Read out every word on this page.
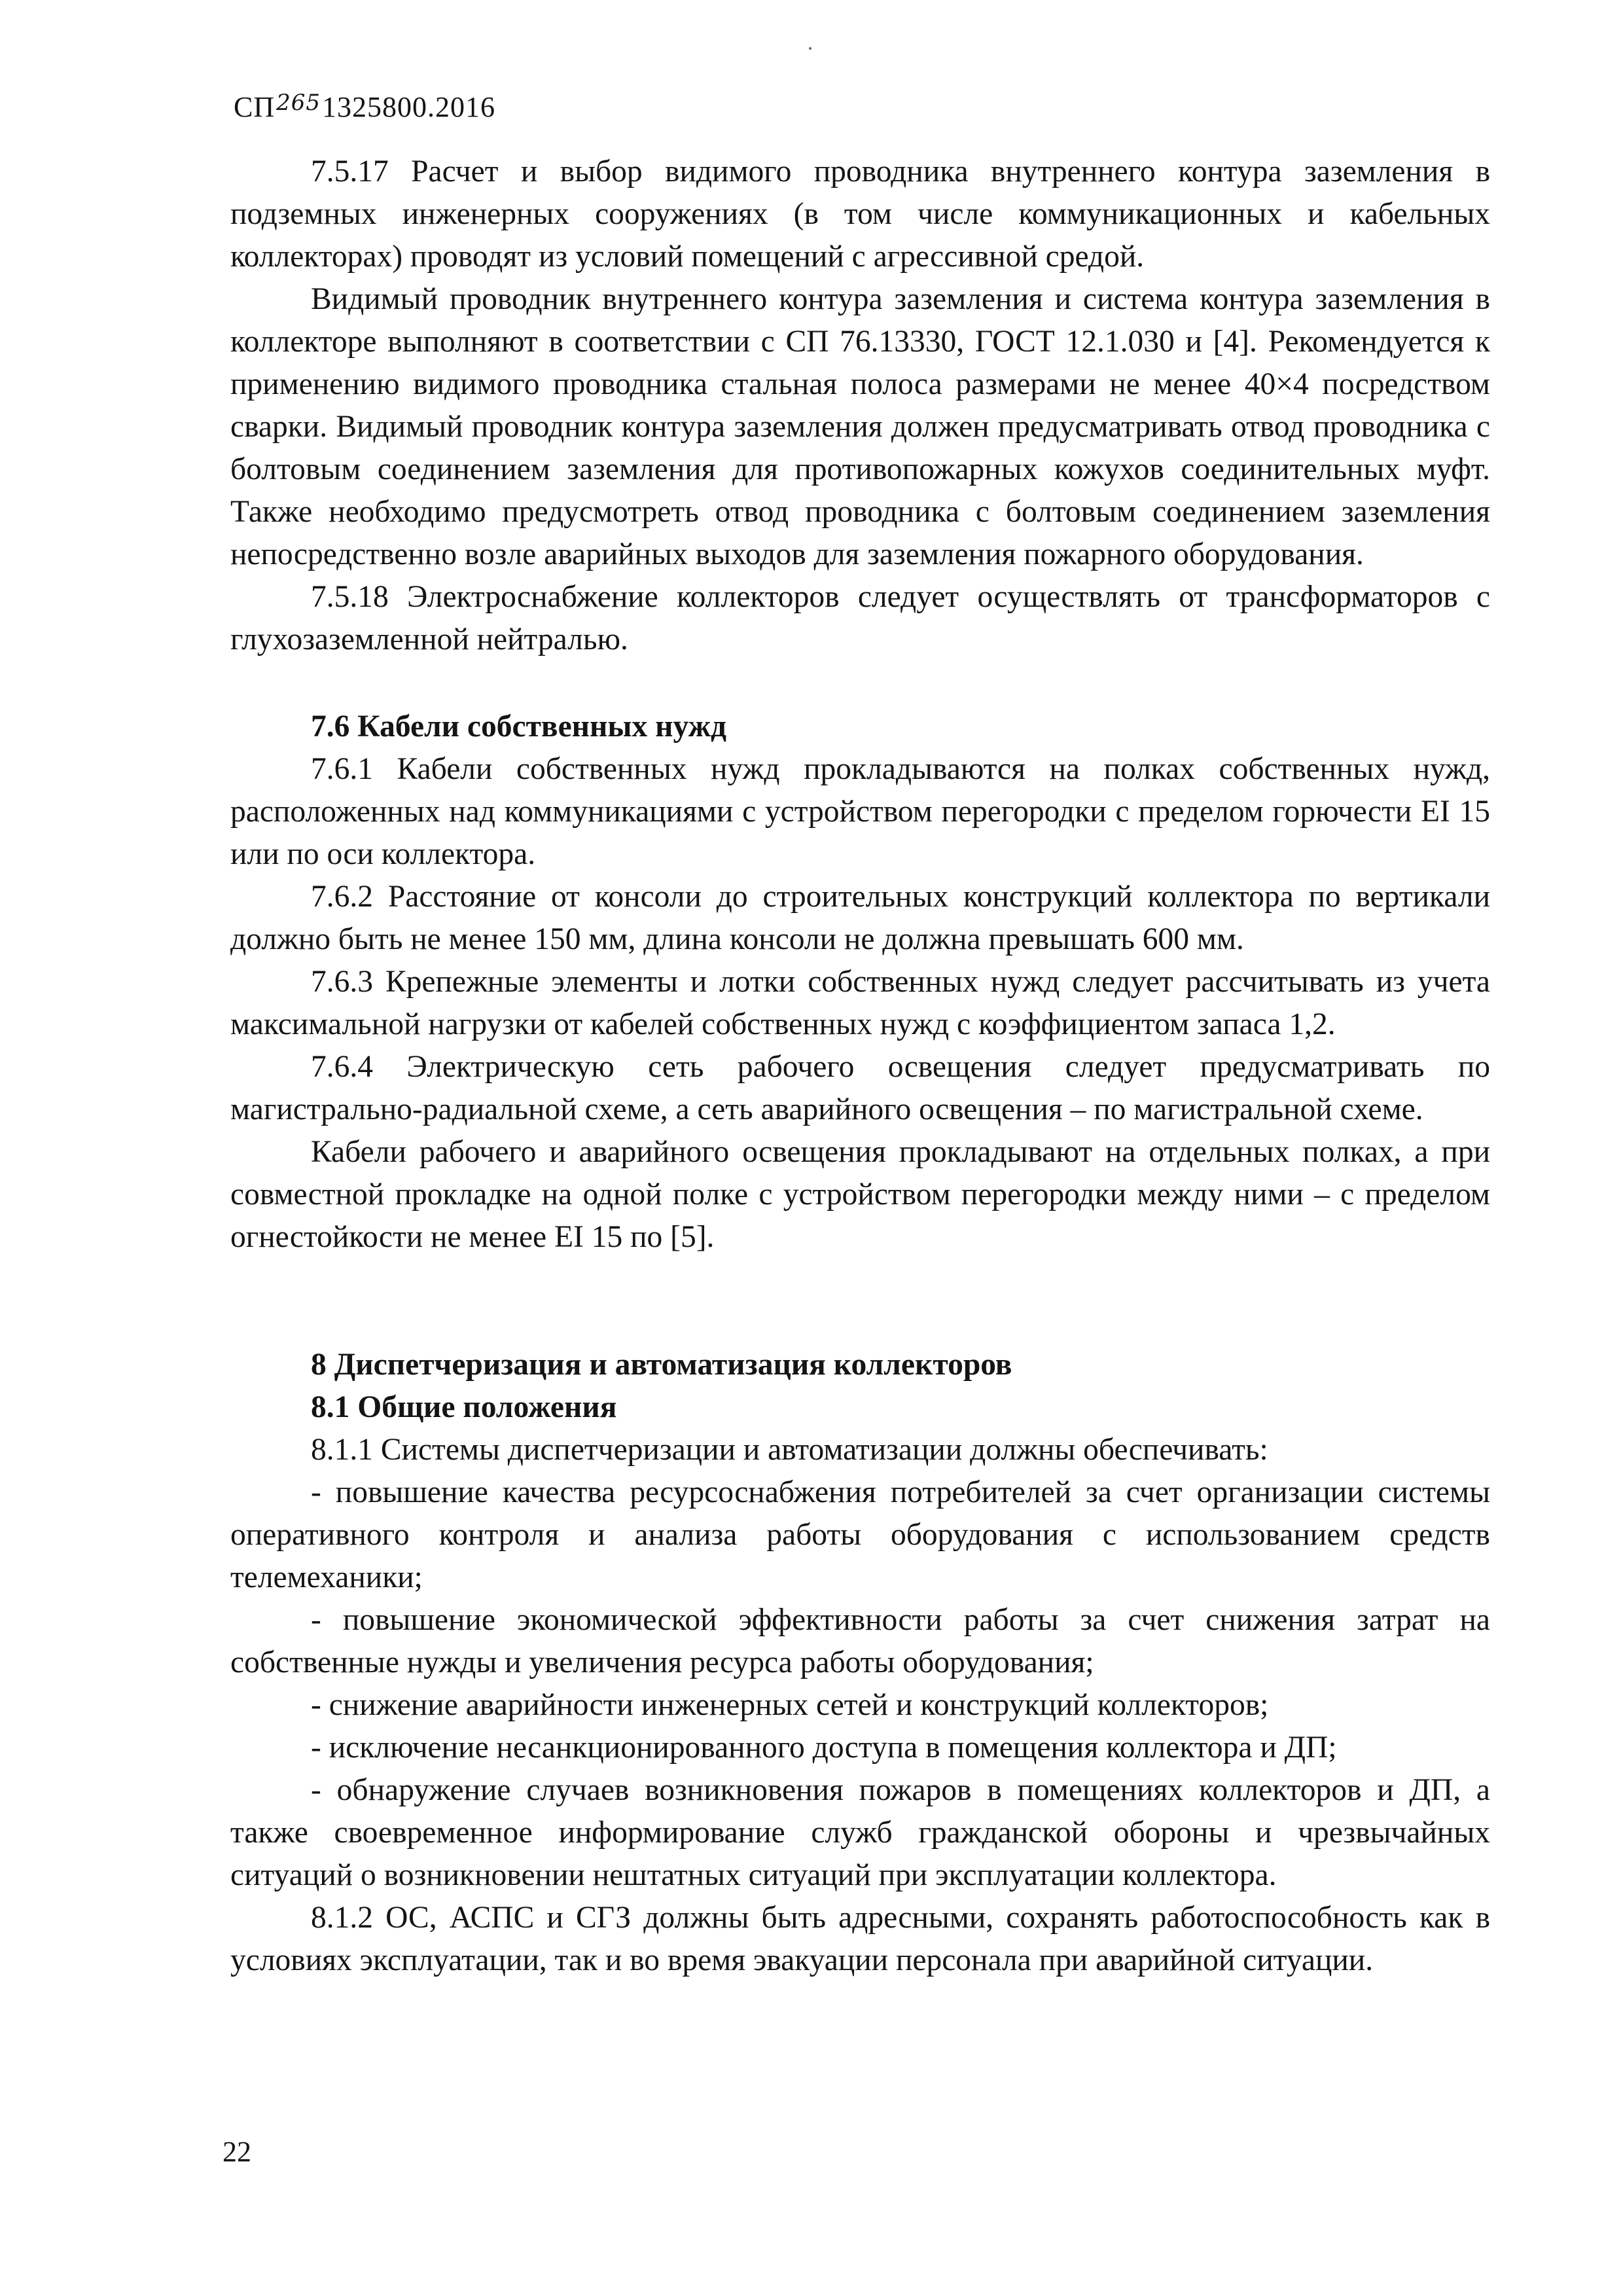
СП$^{265}$1325800.2016

7.5.17 Расчет и выбор видимого проводника внутреннего контура заземления в подземных инженерных сооружениях (в том числе коммуникационных и кабельных коллекторах) проводят из условий помещений с агрессивной средой.

Видимый проводник внутреннего контура заземления и система контура заземления в коллекторе выполняют в соответствии с СП 76.13330, ГОСТ 12.1.030 и [4]. Рекомендуется к применению видимого проводника стальная полоса размерами не менее 40×4 посредством сварки. Видимый проводник контура заземления должен предусматривать отвод проводника с болтовым соединением заземления для противопожарных кожухов соединительных муфт. Также необходимо предусмотреть отвод проводника с болтовым соединением заземления непосредственно возле аварийных выходов для заземления пожарного оборудования.

7.5.18 Электроснабжение коллекторов следует осуществлять от трансформаторов с глухозаземленной нейтралью.

7.6 Кабели собственных нужд

7.6.1 Кабели собственных нужд прокладываются на полках собственных нужд, расположенных над коммуникациями с устройством перегородки с пределом горючести EI 15 или по оси коллектора.

7.6.2 Расстояние от консоли до строительных конструкций коллектора по вертикали должно быть не менее 150 мм, длина консоли не должна превышать 600 мм.

7.6.3 Крепежные элементы и лотки собственных нужд следует рассчитывать из учета максимальной нагрузки от кабелей собственных нужд с коэффициентом запаса 1,2.

7.6.4 Электрическую сеть рабочего освещения следует предусматривать по магистрально-радиальной схеме, а сеть аварийного освещения – по магистральной схеме.

Кабели рабочего и аварийного освещения прокладывают на отдельных полках, а при совместной прокладке на одной полке с устройством перегородки между ними – с пределом огнестойкости не менее EI 15 по [5].

8 Диспетчеризация и автоматизация коллекторов
8.1 Общие положения

8.1.1 Системы диспетчеризации и автоматизации должны обеспечивать:

- повышение качества ресурсоснабжения потребителей за счет организации системы оперативного контроля и анализа работы оборудования с использованием средств телемеханики;

- повышение экономической эффективности работы за счет снижения затрат на собственные нужды и увеличения ресурса работы оборудования;

- снижение аварийности инженерных сетей и конструкций коллекторов;

- исключение несанкционированного доступа в помещения коллектора и ДП;

- обнаружение случаев возникновения пожаров в помещениях коллекторов и ДП, а также своевременное информирование служб гражданской обороны и чрезвычайных ситуаций о возникновении нештатных ситуаций при эксплуатации коллектора.

8.1.2 ОС, АСПС и СГЗ должны быть адресными, сохранять работоспособность как в условиях эксплуатации, так и во время эвакуации персонала при аварийной ситуации.

22
